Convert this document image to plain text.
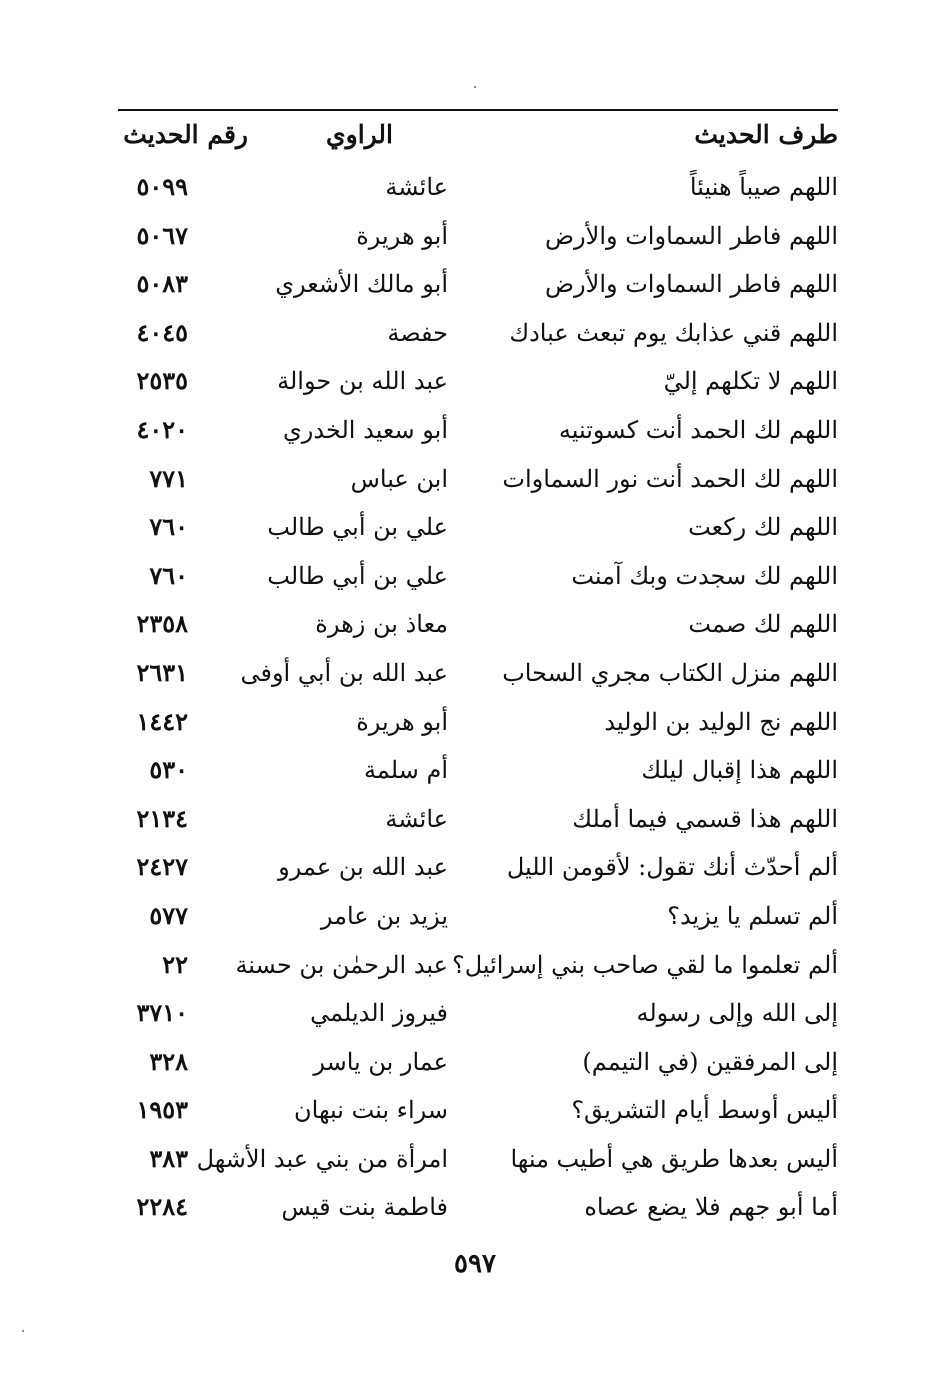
طرف الحديث
الراوي
رقم الحديث
اللهم صيباً هنيئاً
عائشة
٥٠٩٩
اللهم فاطر السماوات والأرض
أبو هريرة
٥٠٦٧
اللهم فاطر السماوات والأرض
أبو مالك الأشعري
٥٠٨٣
اللهم قني عذابك يوم تبعث عبادك
حفصة
٤٠٤٥
اللهم لا تكلهم إليّ
عبد الله بن حوالة
٢٥٣٥
اللهم لك الحمد أنت كسوتنيه
أبو سعيد الخدري
٤٠٢٠
اللهم لك الحمد أنت نور السماوات
ابن عباس
٧٧١
اللهم لك ركعت
علي بن أبي طالب
٧٦٠
اللهم لك سجدت وبك آمنت
علي بن أبي طالب
٧٦٠
اللهم لك صمت
معاذ بن زهرة
٢٣٥٨
اللهم منزل الكتاب مجري السحاب
عبد الله بن أبي أوفى
٢٦٣١
اللهم نج الوليد بن الوليد
أبو هريرة
١٤٤٢
اللهم هذا إقبال ليلك
أم سلمة
٥٣٠
اللهم هذا قسمي فيما أملك
عائشة
٢١٣٤
ألم أحدّث أنك تقول: لأقومن الليل
عبد الله بن عمرو
٢٤٢٧
ألم تسلم يا يزيد؟
يزيد بن عامر
٥٧٧
ألم تعلموا ما لقي صاحب بني إسرائيل؟
عبد الرحمٰن بن حسنة
٢٢
إلى الله وإلى رسوله
فيروز الديلمي
٣٧١٠
إلى المرفقين (في التيمم)
عمار بن ياسر
٣٢٨
أليس أوسط أيام التشريق؟
سراء بنت نبهان
١٩٥٣
أليس بعدها طريق هي أطيب منها
امرأة من بني عبد الأشهل
٣٨٣
أما أبو جهم فلا يضع عصاه
فاطمة بنت قيس
٢٢٨٤
٥٩٧
